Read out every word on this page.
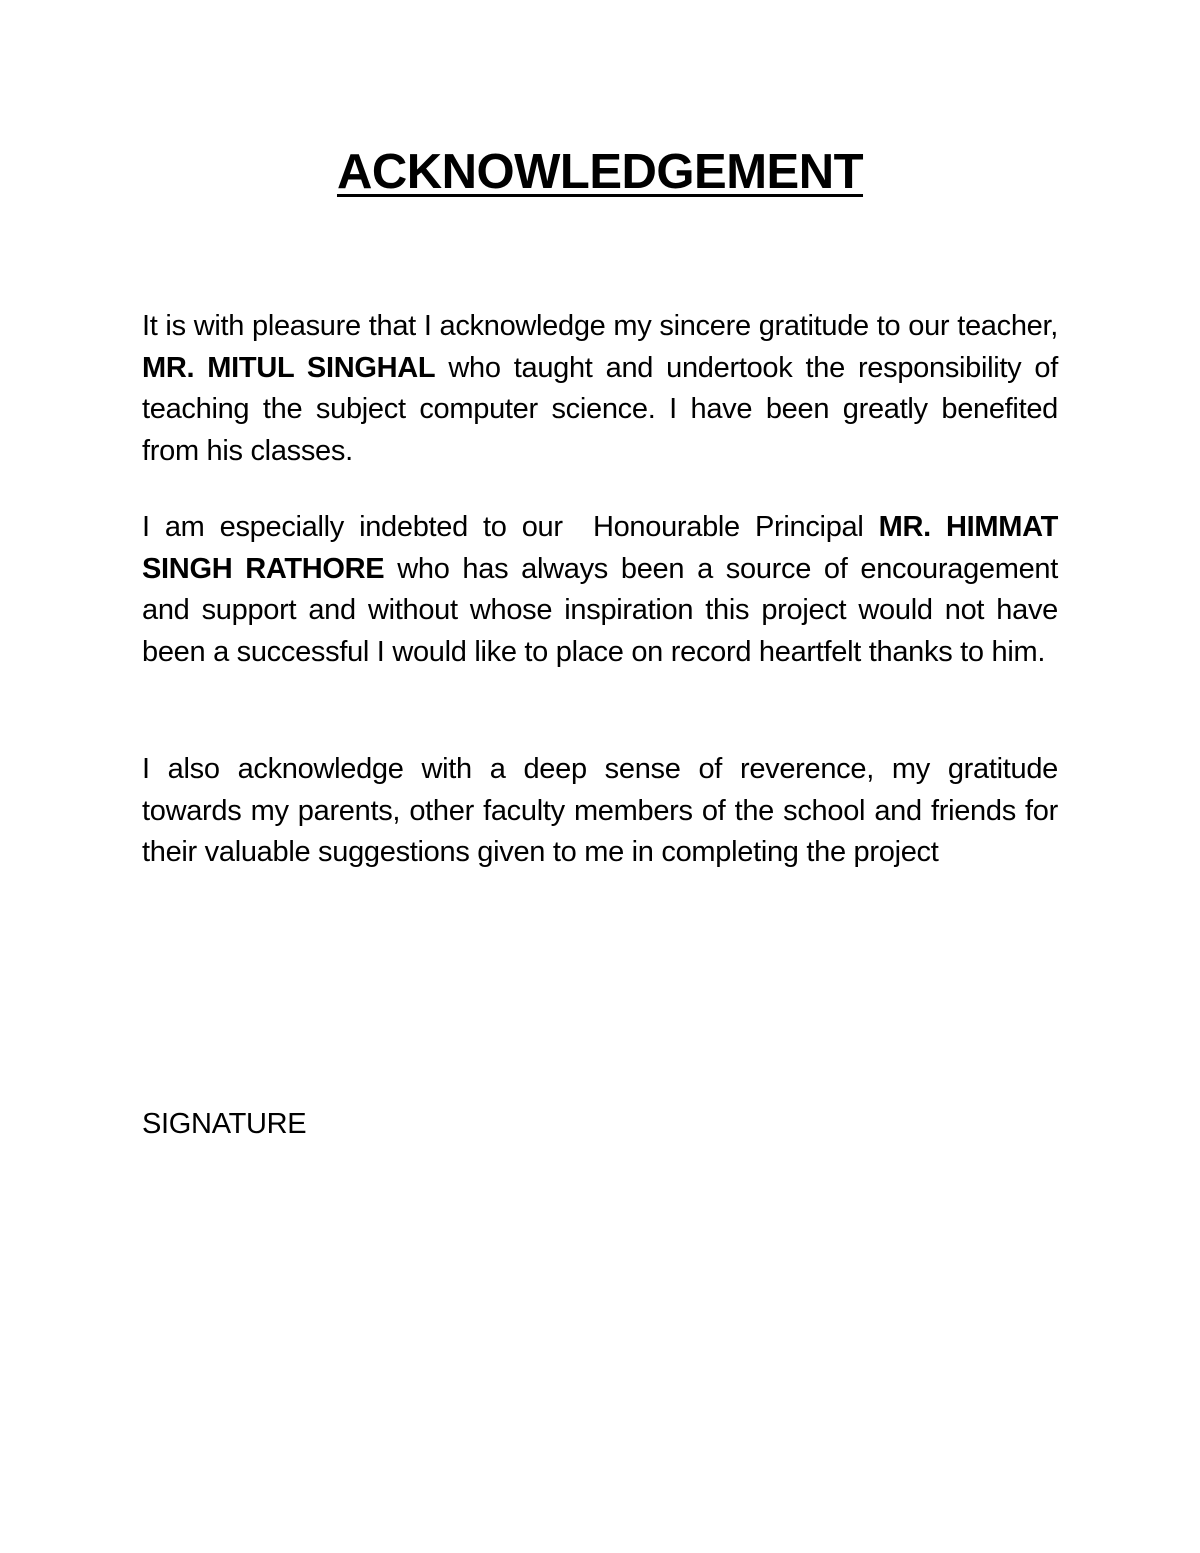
ACKNOWLEDGEMENT

It is with pleasure that I acknowledge my sincere gratitude to our teacher, MR. MITUL SINGHAL who taught and undertook the responsibility of teaching the subject computer science. I have been greatly benefited from his classes.

I am especially indebted to our  Honourable Principal MR. HIMMAT SINGH RATHORE who has always been a source of encouragement and support and without whose inspiration this project would not have been a successful I would like to place on record heartfelt thanks to him.

I also acknowledge with a deep sense of reverence, my gratitude towards my parents, other faculty members of the school and friends for their valuable suggestions given to me in completing the project

SIGNATURE
